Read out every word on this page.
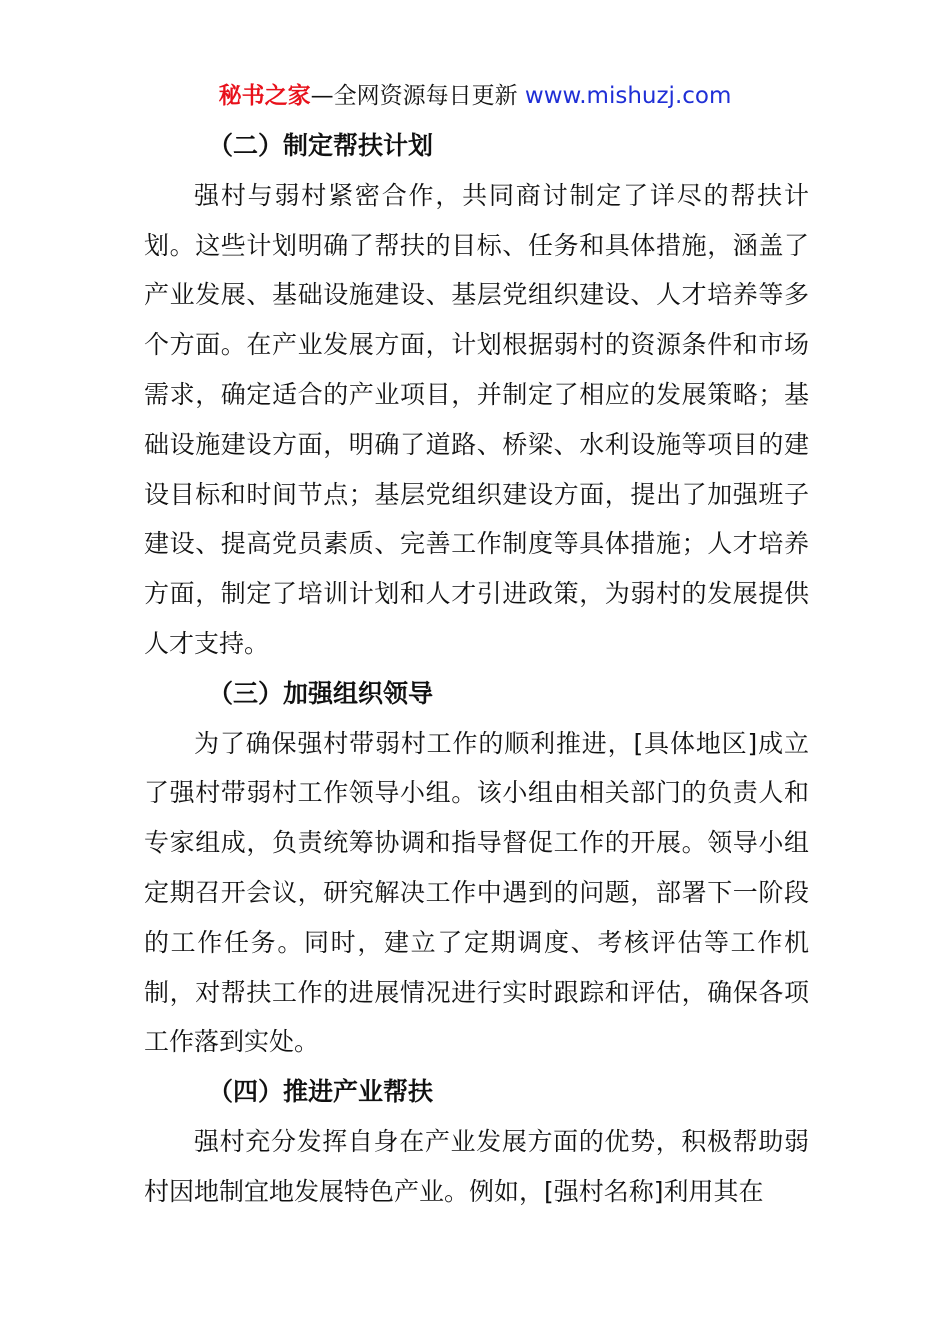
秘书之家—全网资源每日更新 www.mishuzj.com

（二）制定帮扶计划

强村与弱村紧密合作，共同商讨制定了详尽的帮扶计划。这些计划明确了帮扶的目标、任务和具体措施，涵盖了产业发展、基础设施建设、基层党组织建设、人才培养等多个方面。在产业发展方面，计划根据弱村的资源条件和市场需求，确定适合的产业项目，并制定了相应的发展策略；基础设施建设方面，明确了道路、桥梁、水利设施等项目的建设目标和时间节点；基层党组织建设方面，提出了加强班子建设、提高党员素质、完善工作制度等具体措施；人才培养方面，制定了培训计划和人才引进政策，为弱村的发展提供人才支持。

（三）加强组织领导

为了确保强村带弱村工作的顺利推进，[具体地区]成立了强村带弱村工作领导小组。该小组由相关部门的负责人和专家组成，负责统筹协调和指导督促工作的开展。领导小组定期召开会议，研究解决工作中遇到的问题，部署下一阶段的工作任务。同时，建立了定期调度、考核评估等工作机制，对帮扶工作的进展情况进行实时跟踪和评估，确保各项工作落到实处。

（四）推进产业帮扶

强村充分发挥自身在产业发展方面的优势，积极帮助弱村因地制宜地发展特色产业。例如，[强村名称]利用其在
